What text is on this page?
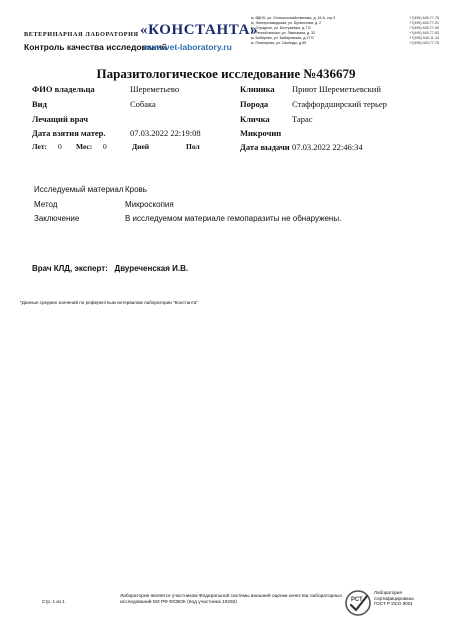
ВЕТЕРИНАРНАЯ ЛАБОРАТОРИЯ «КОНСТАНТА»
Контроль качества исследований
www.vet-laboratory.ru
м. ВДНХ, ул. Сельскохозяйственная, д. 16 А, стр.3	+7(495) 645-77-76
м. Электрозаводская, ул. Бухвостова, д. 2	+7(495) 645-77-91
м. Отрадное, ул. Бестужевых, д.7 Б	+7(495) 645-77-95
м. Речной вокзал, ул. Лавочкина, д. 32	+7(495) 645-77-83
м. Бибирево, ул. Бибиревская, д.17 Б	+7(495) 645-11-34
м. Планерная, ул. Свободы, д.65	+7(495) 003-77-75
Паразитологическое исследование №436679
ФИО владельца	Шереметьево
Вид	Собака
Лечащий врач
Дата взятия матер.	07.03.2022 22:19:08
Лет: 0 Мес: 0	Дней	Пол
Клиника Приют Шереметьевский
Порода	Стаффордширский терьер
Кличка	Тарас
Микрочип
Дата выдачи 07.03.2022 22:46:34
Исследуемый материал Кровь
Метод	Микроскопия
Заключение	В исследуемом материале гемопаразиты не обнаружены.
Врач КЛД, эксперт:   Двуреченская И.В.
*Данные средних значений по референтным интервалам лаборатории "Константа"
Стр. 1 из 1
Лаборатория является участником Федеральной системы внешней оценки качества лабораторных исследований МЗ РФ ФСВОК (Код участника 10292)	РСТ
Лаборатория
Сертифицирована
ГОСТ Р ИСО 9001
